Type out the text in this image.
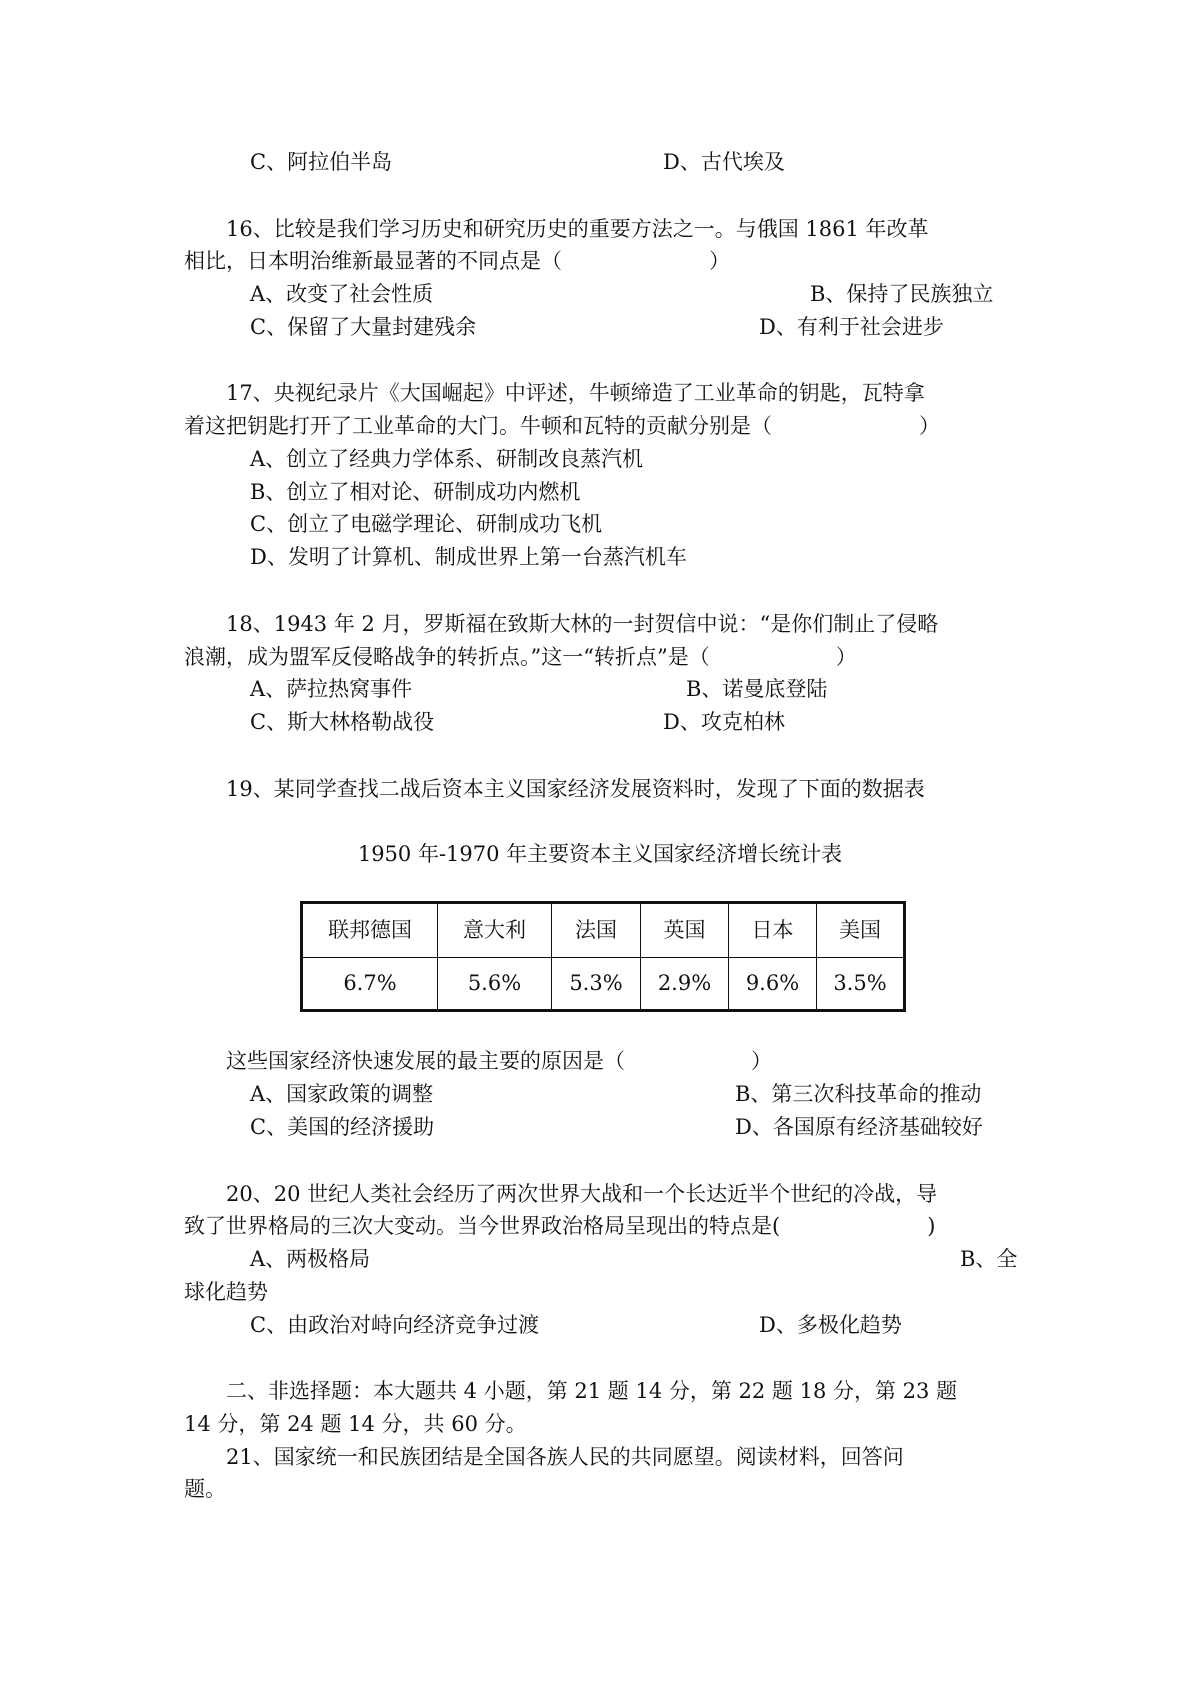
C、阿拉伯半岛	D、古代埃及
16、比较是我们学习历史和研究历史的重要方法之一。与俄国 1861 年改革
相比，日本明治维新最显著的不同点是（　　　　　　　）
A、改变了社会性质	B、保持了民族独立
C、保留了大量封建残余	D、有利于社会进步
17、央视纪录片《大国崛起》中评述，牛顿缔造了工业革命的钥匙，瓦特拿
着这把钥匙打开了工业革命的大门。牛顿和瓦特的贡献分别是（　　　　　　　）
A、创立了经典力学体系、研制改良蒸汽机
B、创立了相对论、研制成功内燃机
C、创立了电磁学理论、研制成功飞机
D、发明了计算机、制成世界上第一台蒸汽机车
18、1943 年 2 月，罗斯福在致斯大林的一封贺信中说：“是你们制止了侵略
浪潮，成为盟军反侵略战争的转折点。”这一“转折点”是（　　　　　　）
A、萨拉热窝事件	B、诺曼底登陆
C、斯大林格勒战役	D、攻克柏林
19、某同学查找二战后资本主义国家经济发展资料时，发现了下面的数据表
1950 年-1970 年主要资本主义国家经济增长统计表
联邦德国	意大利	法国	英国	日本	美国
6.7%	5.6%	5.3%	2.9%	9.6%	3.5%
这些国家经济快速发展的最主要的原因是（　　　　　　）
A、国家政策的调整	B、第三次科技革命的推动
C、美国的经济援助	D、各国原有经济基础较好
20、20 世纪人类社会经历了两次世界大战和一个长达近半个世纪的冷战，导
致了世界格局的三次大变动。当今世界政治格局呈现出的特点是(　　　　　　　)
A、两极格局	B、全
球化趋势
C、由政治对峙向经济竞争过渡	D、多极化趋势
二、非选择题：本大题共 4 小题，第 21 题 14 分，第 22 题 18 分，第 23 题
14 分，第 24 题 14 分，共 60 分。
21、国家统一和民族团结是全国各族人民的共同愿望。阅读材料，回答问
题。
